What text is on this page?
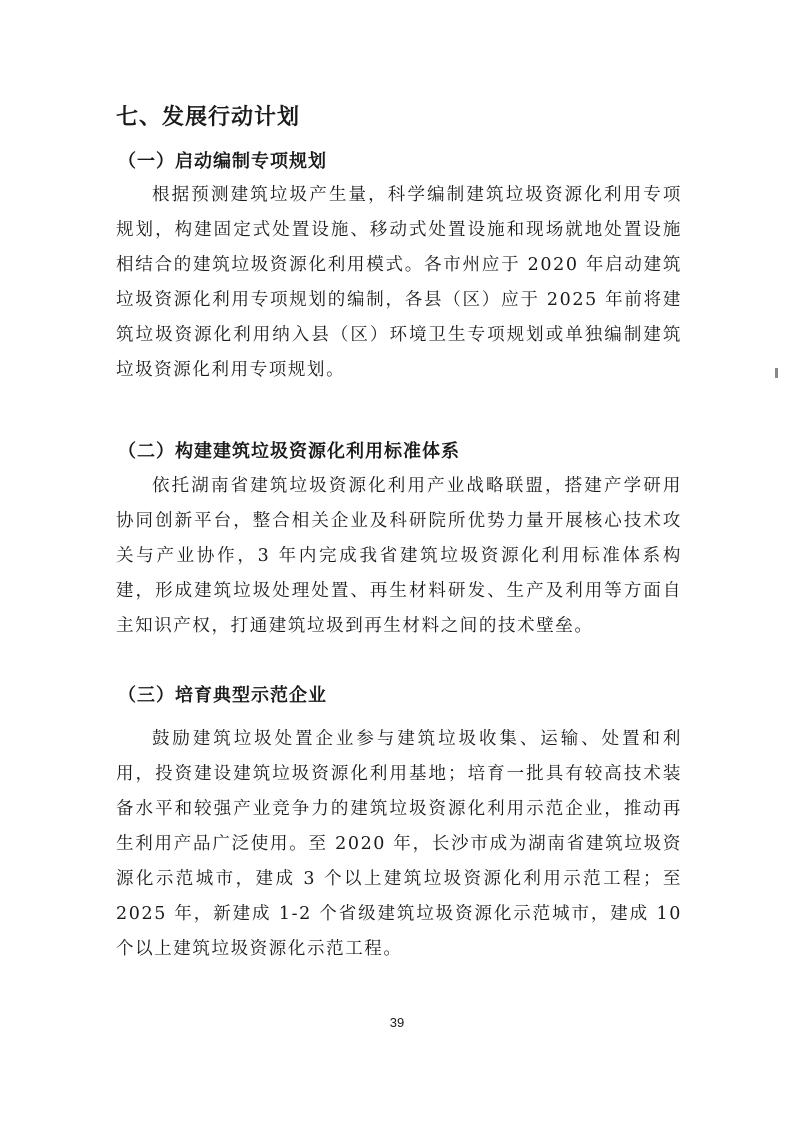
七、发展行动计划
（一）启动编制专项规划

根据预测建筑垃圾产生量，科学编制建筑垃圾资源化利用专项规划，构建固定式处置设施、移动式处置设施和现场就地处置设施相结合的建筑垃圾资源化利用模式。各市州应于 2020 年启动建筑垃圾资源化利用专项规划的编制，各县（区）应于 2025 年前将建筑垃圾资源化利用纳入县（区）环境卫生专项规划或单独编制建筑垃圾资源化利用专项规划。

（二）构建建筑垃圾资源化利用标准体系

依托湖南省建筑垃圾资源化利用产业战略联盟，搭建产学研用协同创新平台，整合相关企业及科研院所优势力量开展核心技术攻关与产业协作，3 年内完成我省建筑垃圾资源化利用标准体系构建，形成建筑垃圾处理处置、再生材料研发、生产及利用等方面自主知识产权，打通建筑垃圾到再生材料之间的技术壁垒。

（三）培育典型示范企业

鼓励建筑垃圾处置企业参与建筑垃圾收集、运输、处置和利用，投资建设建筑垃圾资源化利用基地；培育一批具有较高技术装备水平和较强产业竞争力的建筑垃圾资源化利用示范企业，推动再生利用产品广泛使用。至 2020 年，长沙市成为湖南省建筑垃圾资源化示范城市，建成 3 个以上建筑垃圾资源化利用示范工程；至 2025 年，新建成 1-2 个省级建筑垃圾资源化示范城市，建成 10 个以上建筑垃圾资源化示范工程。

39
